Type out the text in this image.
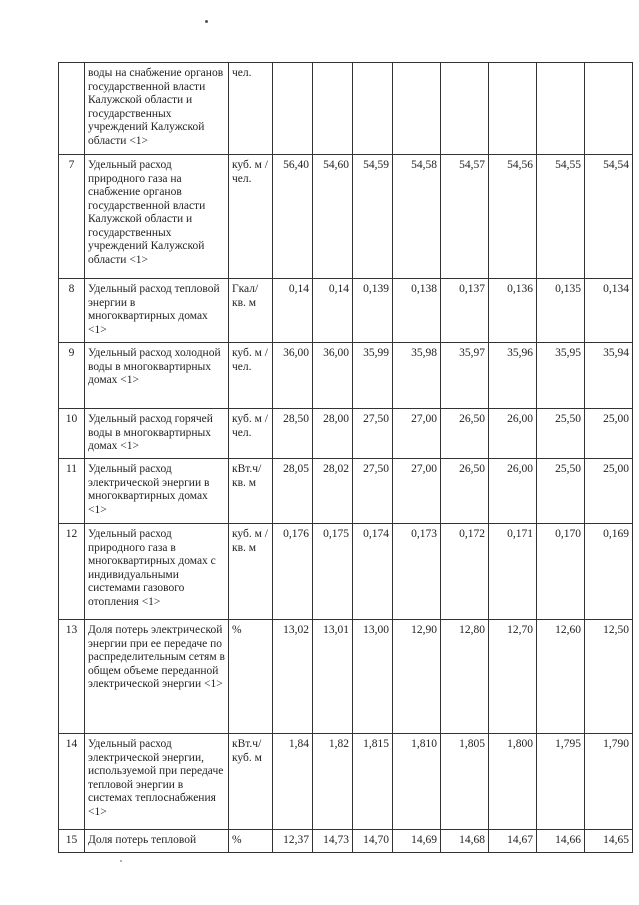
	воды на снабжение органов государственной власти Калужской области и государственных учреждений Калужской области <1>	чел.								
7	Удельный расход природного газа на снабжение органов государственной власти Калужской области и государственных учреждений Калужской области <1>	куб. м / чел.	56,40	54,60	54,59	54,58	54,57	54,56	54,55	54,54
8	Удельный расход тепловой энергии в многоквартирных домах <1>	Гкал/ кв. м	0,14	0,14	0,139	0,138	0,137	0,136	0,135	0,134
9	Удельный расход холодной воды в многоквартирных домах <1>	куб. м / чел.	36,00	36,00	35,99	35,98	35,97	35,96	35,95	35,94
10	Удельный расход горячей воды в многоквартирных домах <1>	куб. м / чел.	28,50	28,00	27,50	27,00	26,50	26,00	25,50	25,00
11	Удельный расход электрической энергии в многоквартирных домах <1>	кВт.ч/ кв. м	28,05	28,02	27,50	27,00	26,50	26,00	25,50	25,00
12	Удельный расход природного газа в многоквартирных домах с индивидуальными системами газового отопления <1>	куб. м / кв. м	0,176	0,175	0,174	0,173	0,172	0,171	0,170	0,169
13	Доля потерь электрической энергии при ее передаче по распределительным сетям в общем объеме переданной электрической энергии <1>	%	13,02	13,01	13,00	12,90	12,80	12,70	12,60	12,50
14	Удельный расход электрической энергии, используемой при передаче тепловой энергии в системах теплоснабжения <1>	кВт.ч/ куб. м	1,84	1,82	1,815	1,810	1,805	1,800	1,795	1,790
15	Доля потерь тепловой	%	12,37	14,73	14,70	14,69	14,68	14,67	14,66	14,65
